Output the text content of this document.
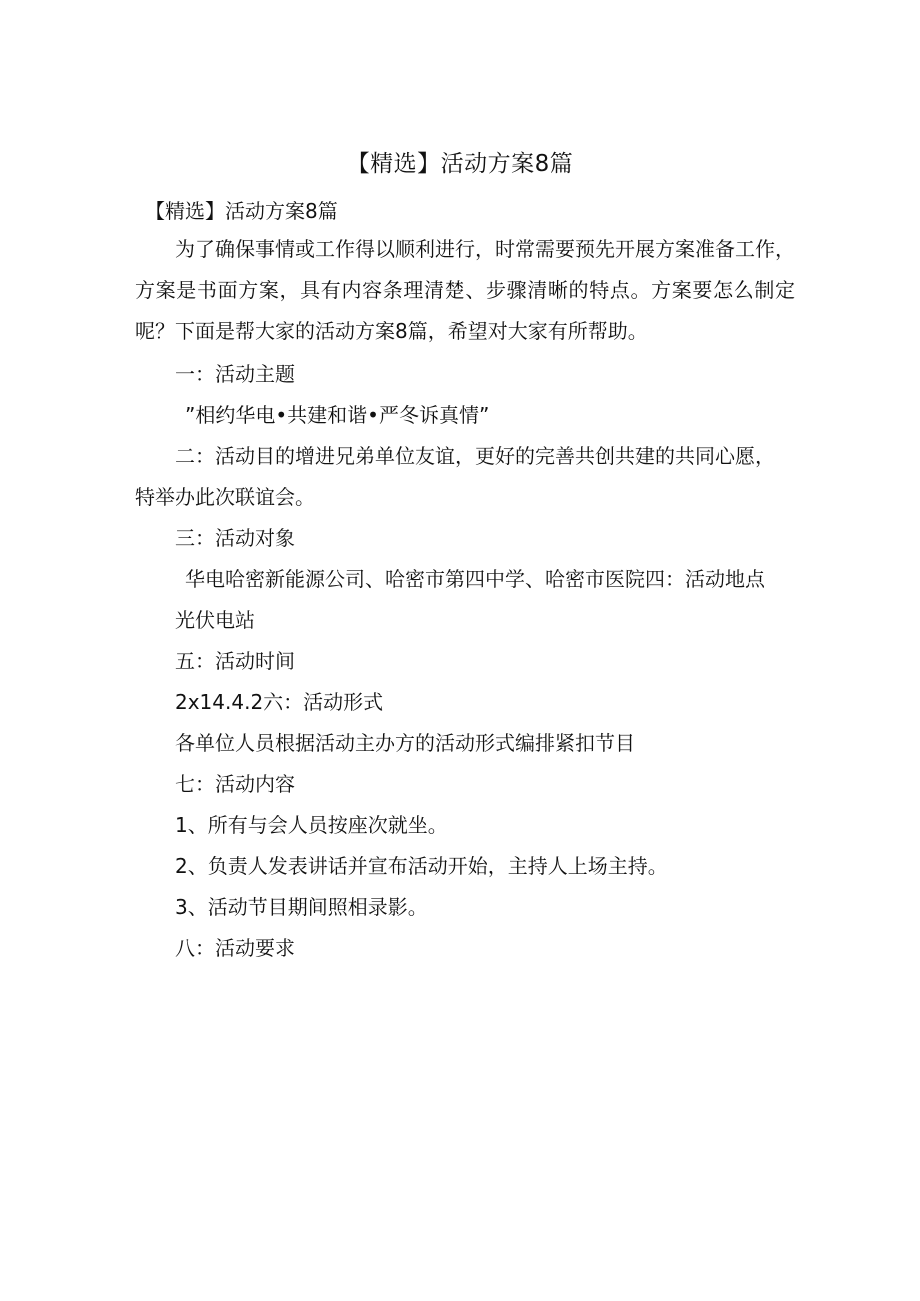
【精选】活动方案8篇
【精选】活动方案8篇
为了确保事情或工作得以顺利进行，时常需要预先开展方案准备工作，方案是书面方案，具有内容条理清楚、步骤清晰的特点。方案要怎么制定呢？下面是帮大家的活动方案8篇，希望对大家有所帮助。
一：活动主题
”相约华电•共建和谐•严冬诉真情”
二：活动目的增进兄弟单位友谊，更好的完善共创共建的共同心愿，
特举办此次联谊会。
三：活动对象
华电哈密新能源公司、哈密市第四中学、哈密市医院四：活动地点
光伏电站
五：活动时间
2x14.4.2六：活动形式
各单位人员根据活动主办方的活动形式编排紧扣节目
七：活动内容
1、所有与会人员按座次就坐。
2、负责人发表讲话并宣布活动开始，主持人上场主持。
3、活动节目期间照相录影。
八：活动要求
